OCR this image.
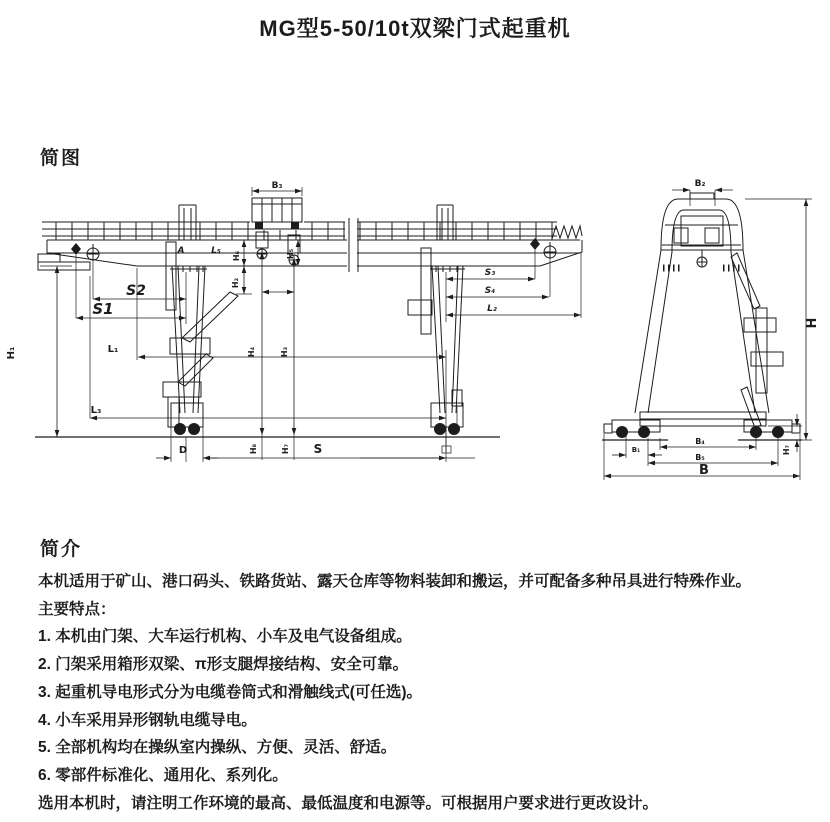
MG型5-50/10t双梁门式起重机
简图
B₃
H₆	H₅
H₂
A	L₅
S2
S1
H₁	L₁
L₃
H₄	H₃
H₈	H₇
D	S
S₃
S₄
L₂
B₂
H
B₄
B₁
B₅
B
H₇
简介

本机适用于矿山、港口码头、铁路货站、露天仓库等物料装卸和搬运，并可配备多种吊具进行特殊作业。

主要特点：

1. 本机由门架、大车运行机构、小车及电气设备组成。

2. 门架采用箱形双梁、π形支腿焊接结构、安全可靠。

3. 起重机导电形式分为电缆卷筒式和滑触线式(可任选)。

4. 小车采用异形钢轨电缆导电。

5. 全部机构均在操纵室内操纵、方便、灵活、舒适。

6. 零部件标准化、通用化、系列化。

选用本机时，请注明工作环境的最高、最低温度和电源等。可根据用户要求进行更改设计。
